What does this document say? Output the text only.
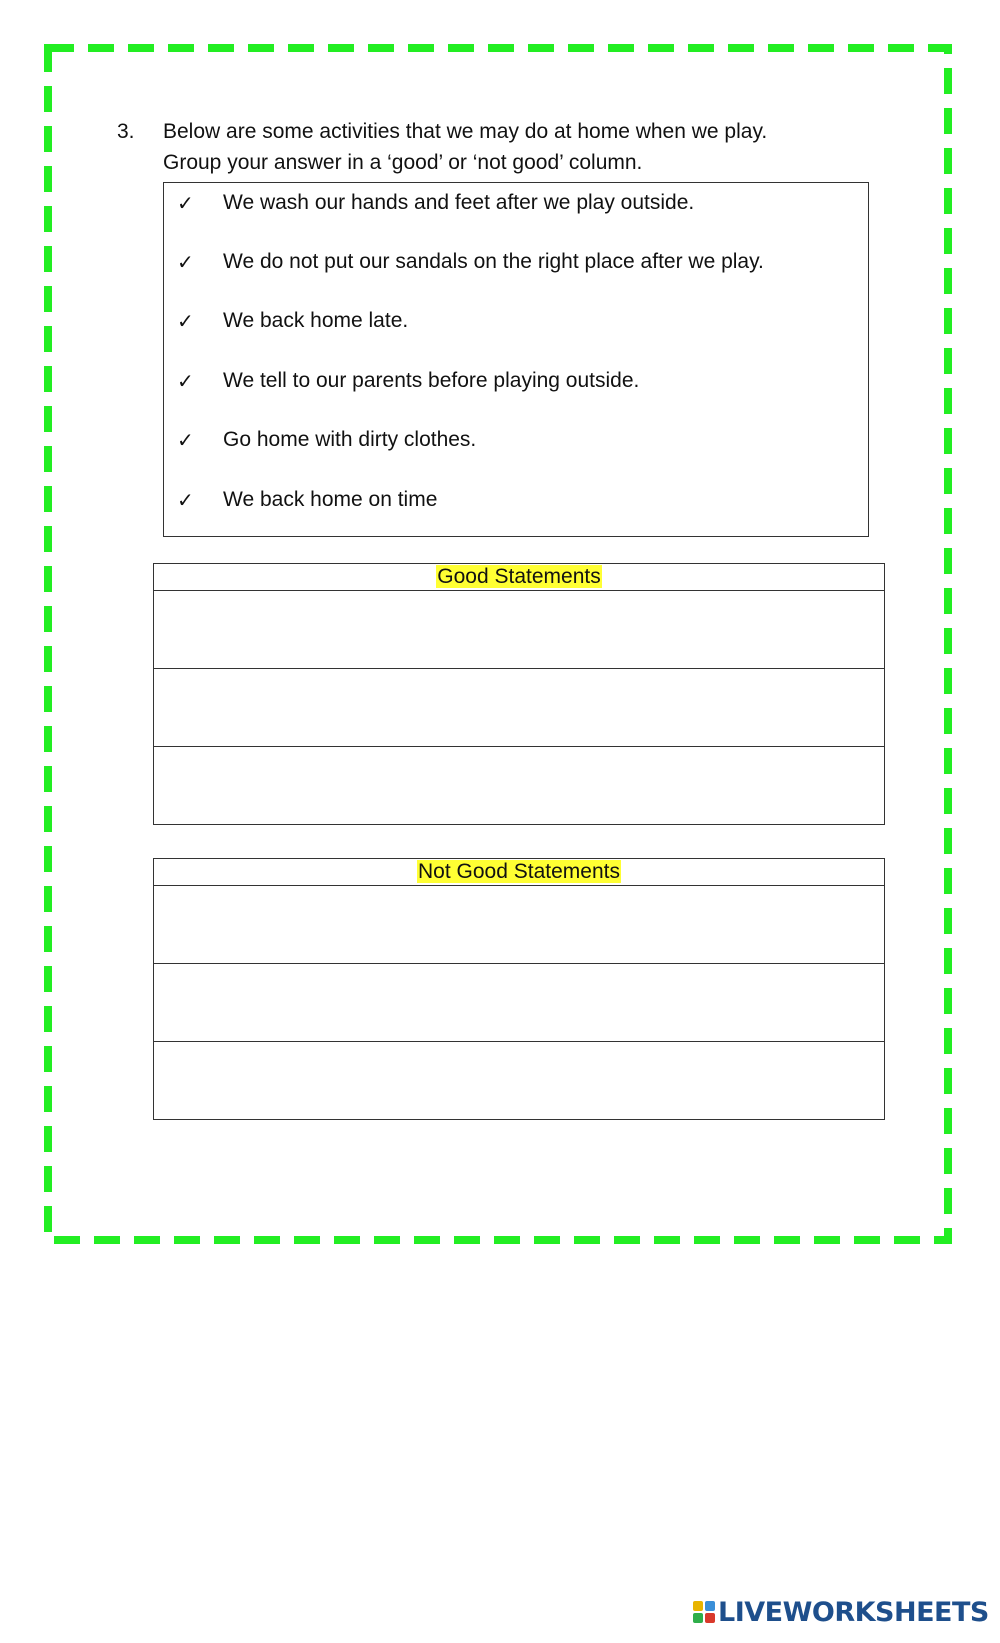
3.	Below are some activities that we may do at home when we play.
Group your answer in a ‘good’ or ‘not good’ column.
✓ We wash our hands and feet after we play outside.
✓ We do not put our sandals on the right place after we play.
✓ We back home late.
✓ We tell to our parents before playing outside.
✓ Go home with dirty clothes.
✓ We back home on time
Good Statements

Not Good Statements

LIVEWORKSHEETS
